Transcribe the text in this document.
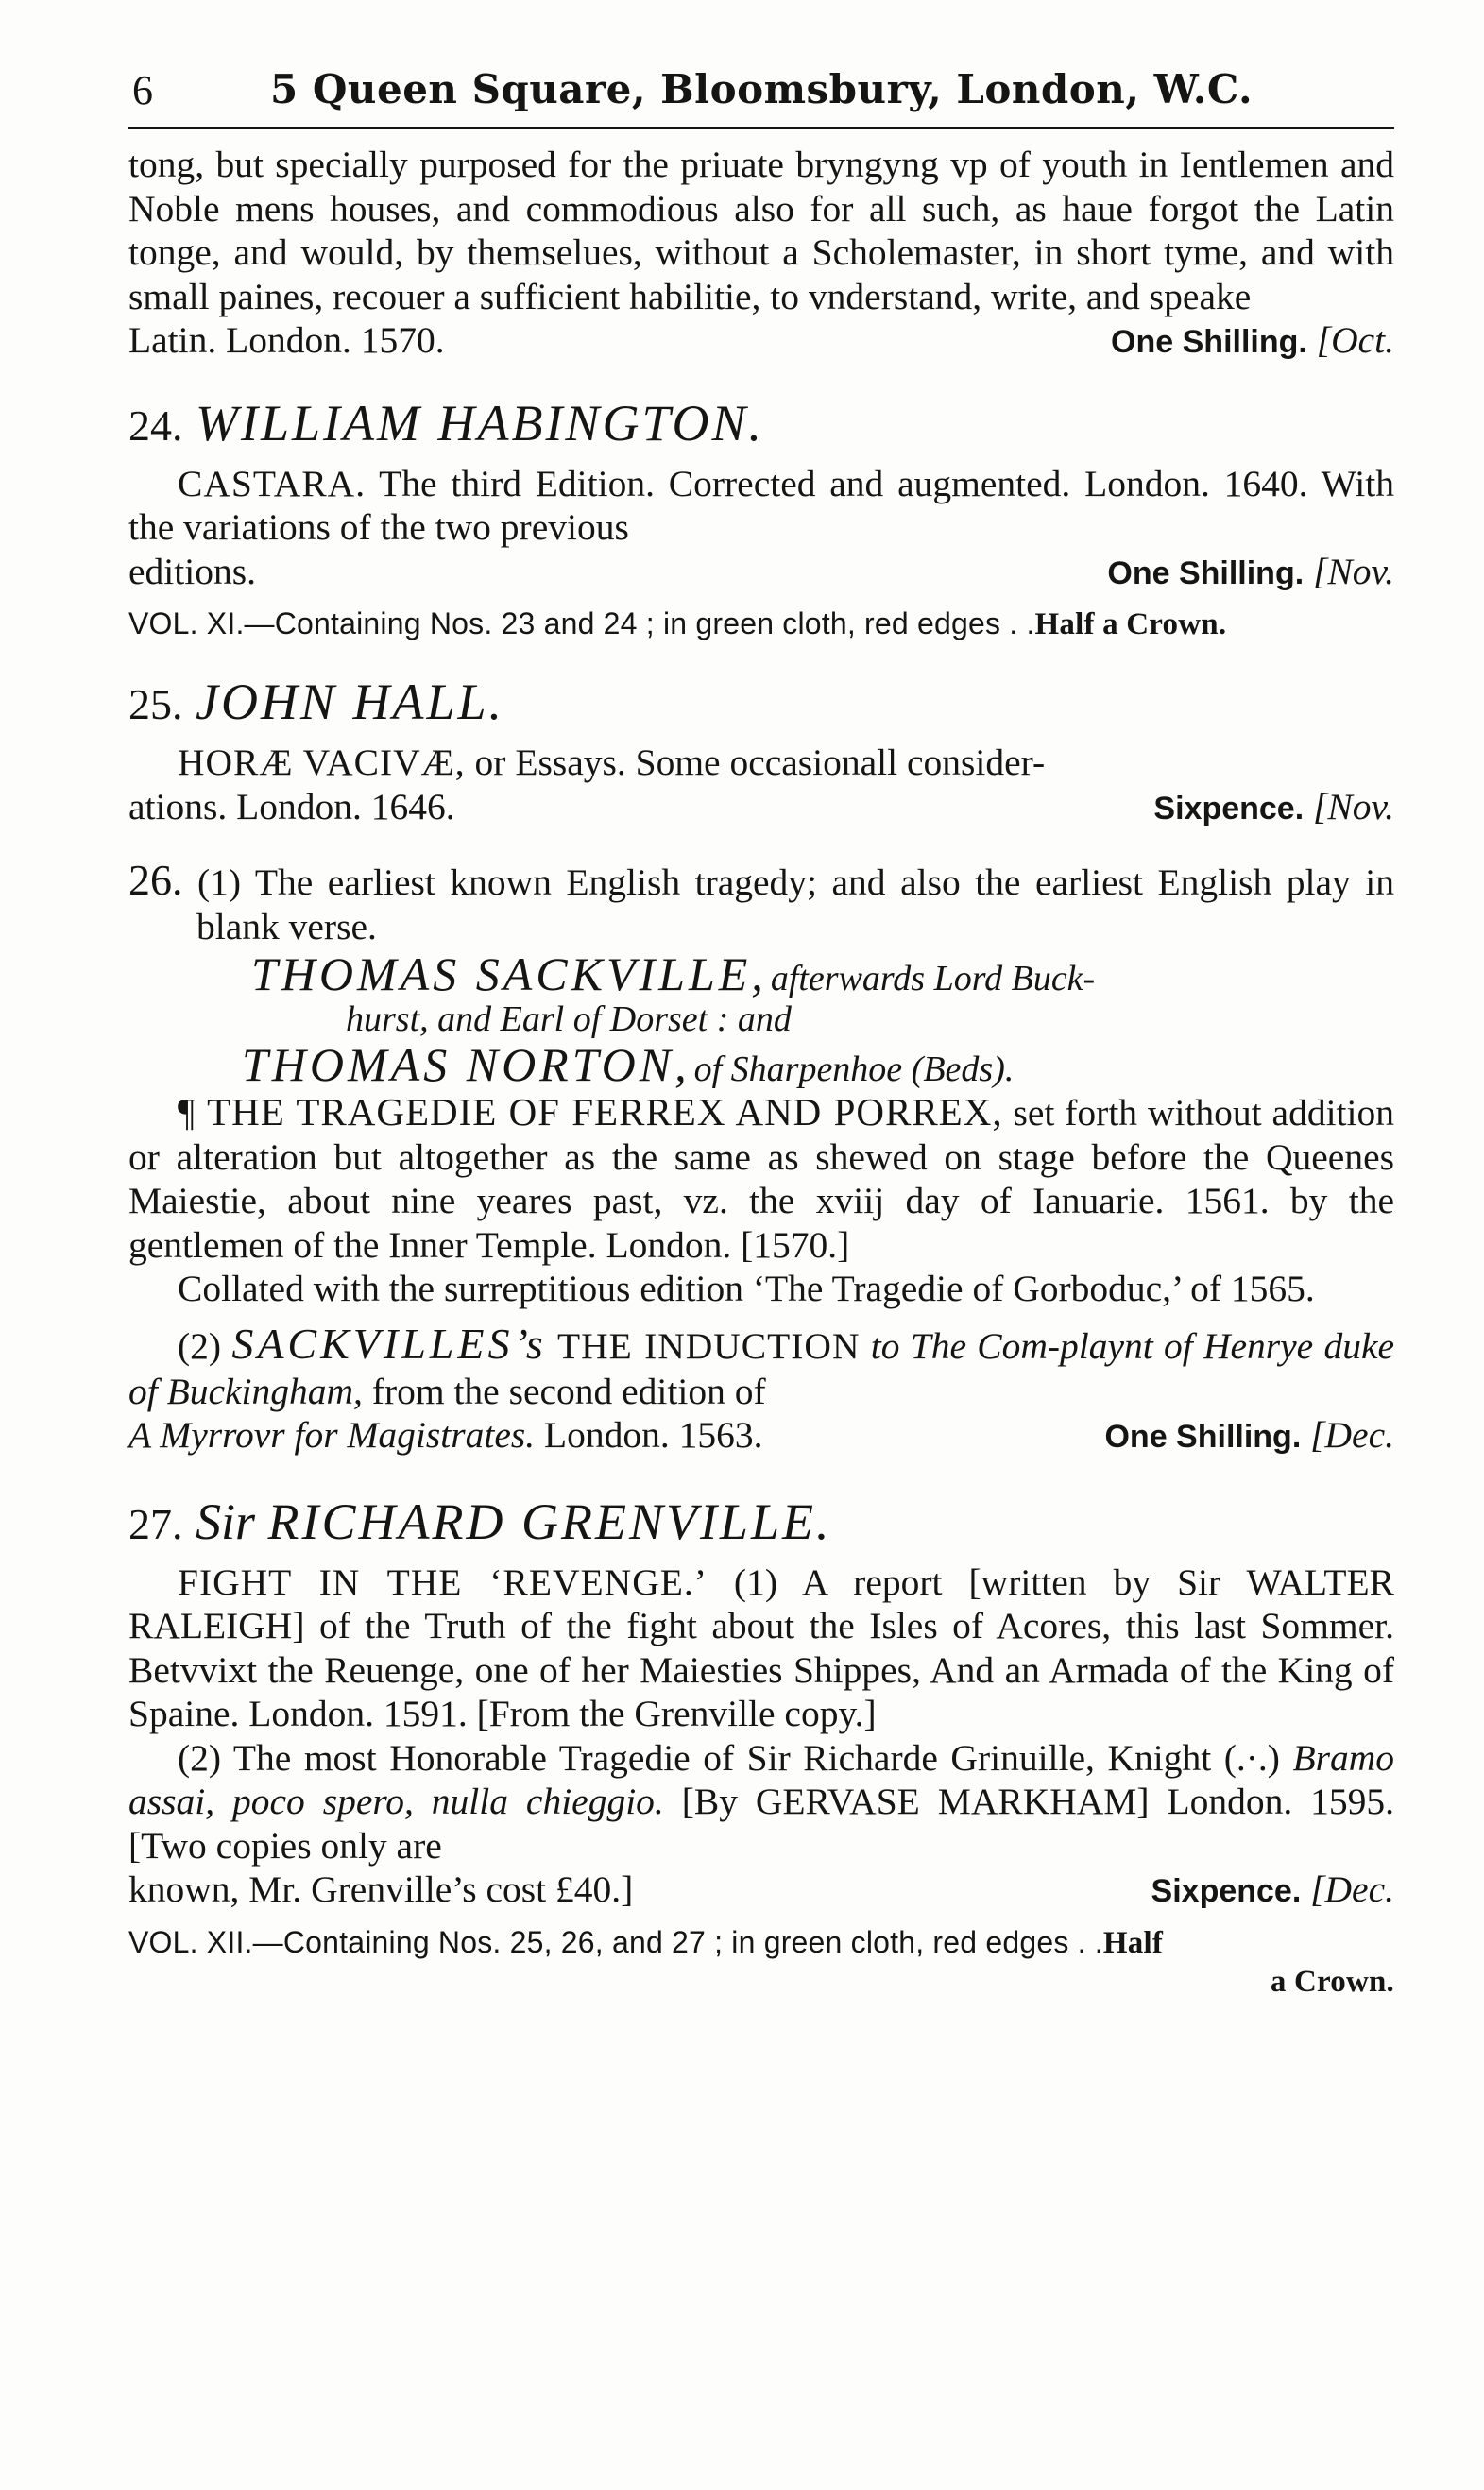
6	5 Queen Square, Bloomsbury, London, W.C.

tong, but specially purposed for the priuate bryngyng vp of youth in Ientlemen and Noble mens houses, and commodious also for all such, as haue forgot the Latin tonge, and would, by themselues, without a Scholemaster, in short tyme, and with small paines, recouer a sufficient habilitie, to vnderstand, write, and speake

Latin. London. 1570.	One Shilling. [Oct.
24. WILLIAM HABINGTON.

CASTARA. The third Edition. Corrected and augmented. London. 1640. With the variations of the two previous

editions.	One Shilling. [Nov.
VOL. XI.—Containing Nos. 23 and 24 ; in green cloth, red edges . .Half a Crown.
25. JOHN HALL.

HORÆ VACIVÆ, or Essays. Some occasionall consider-

ations. London. 1646.	Sixpence. [Nov.

26. (1) The earliest known English tragedy; and also the earliest English play in blank verse.

THOMAS SACKVILLE, afterwards Lord Buck-
hurst, and Earl of Dorset : and
THOMAS NORTON, of Sharpenhoe (Beds).

¶ THE TRAGEDIE OF FERREX AND PORREX, set forth without addition or alteration but altogether as the same as shewed on stage before the Queenes Maiestie, about nine yeares past, vz. the xviij day of Ianuarie. 1561. by the gentlemen of the Inner Temple. London. [1570.]

Collated with the surreptitious edition ‘The Tragedie of Gorboduc,’ of 1565.

(2) SACKVILLES’s THE INDUCTION to The Com-playnt of Henrye duke of Buckingham, from the second edition of

A Myrrovr for Magistrates. London. 1563.	One Shilling. [Dec.
27. Sir RICHARD GRENVILLE.

FIGHT IN THE ‘REVENGE.’ (1) A report [written by Sir WALTER RALEIGH] of the Truth of the fight about the Isles of Acores, this last Sommer. Betvvixt the Reuenge, one of her Maiesties Shippes, And an Armada of the King of Spaine. London. 1591. [From the Grenville copy.]

(2) The most Honorable Tragedie of Sir Richarde Grinuille, Knight (.·.) Bramo assai, poco spero, nulla chieggio. [By GERVASE MARKHAM] London. 1595. [Two copies only are

known, Mr. Grenville’s cost £40.]	Sixpence. [Dec.
VOL. XII.—Containing Nos. 25, 26, and 27 ; in green cloth, red edges . .Half
a Crown.
